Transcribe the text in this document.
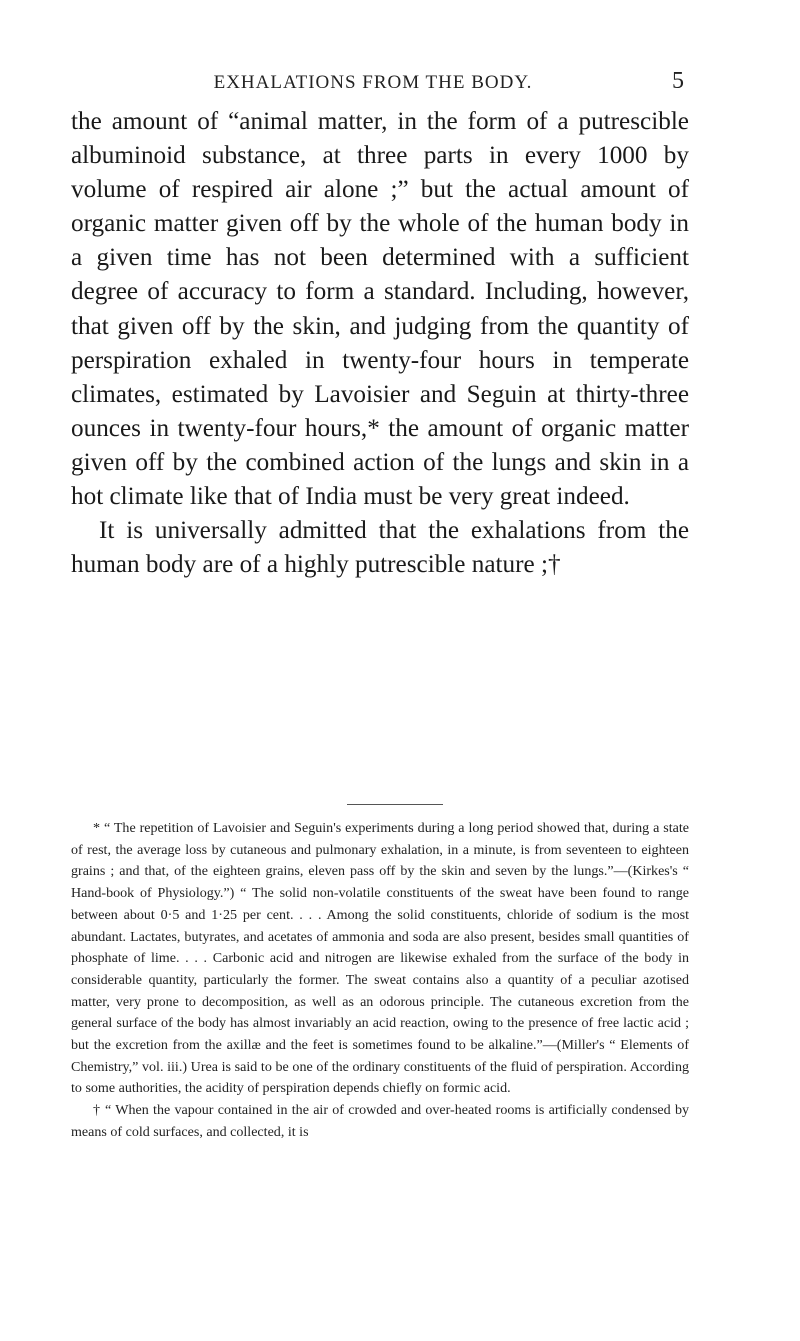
EXHALATIONS FROM THE BODY.	5

the amount of “animal matter, in the form of a putrescible albuminoid substance, at three parts in every 1000 by volume of respired air alone ;” but the actual amount of organic matter given off by the whole of the human body in a given time has not been determined with a sufficient degree of accuracy to form a standard. Including, however, that given off by the skin, and judging from the quantity of perspiration exhaled in twenty-four hours in temperate climates, estimated by Lavoisier and Seguin at thirty-three ounces in twenty-four hours,* the amount of organic matter given off by the combined action of the lungs and skin in a hot climate like that of India must be very great indeed.

It is universally admitted that the exhalations from the human body are of a highly putrescible nature ;†

* “ The repetition of Lavoisier and Seguin's experiments during a long period showed that, during a state of rest, the average loss by cutaneous and pulmonary exhalation, in a minute, is from seventeen to eighteen grains ; and that, of the eighteen grains, eleven pass off by the skin and seven by the lungs.”—(Kirkes's “ Hand-book of Physiology.”) “ The solid non-volatile constituents of the sweat have been found to range between about 0·5 and 1·25 per cent. . . . Among the solid constituents, chloride of sodium is the most abundant. Lactates, butyrates, and acetates of ammonia and soda are also present, besides small quantities of phosphate of lime. . . . Carbonic acid and nitrogen are likewise exhaled from the surface of the body in considerable quantity, particularly the former. The sweat contains also a quantity of a peculiar azotised matter, very prone to decomposition, as well as an odorous principle. The cutaneous excretion from the general surface of the body has almost invariably an acid reaction, owing to the presence of free lactic acid ; but the excretion from the axillæ and the feet is sometimes found to be alkaline.”—(Miller's “ Elements of Chemistry,” vol. iii.) Urea is said to be one of the ordinary constituents of the fluid of perspiration. According to some authorities, the acidity of perspiration depends chiefly on formic acid.

† “ When the vapour contained in the air of crowded and over-heated rooms is artificially condensed by means of cold surfaces, and collected, it is
